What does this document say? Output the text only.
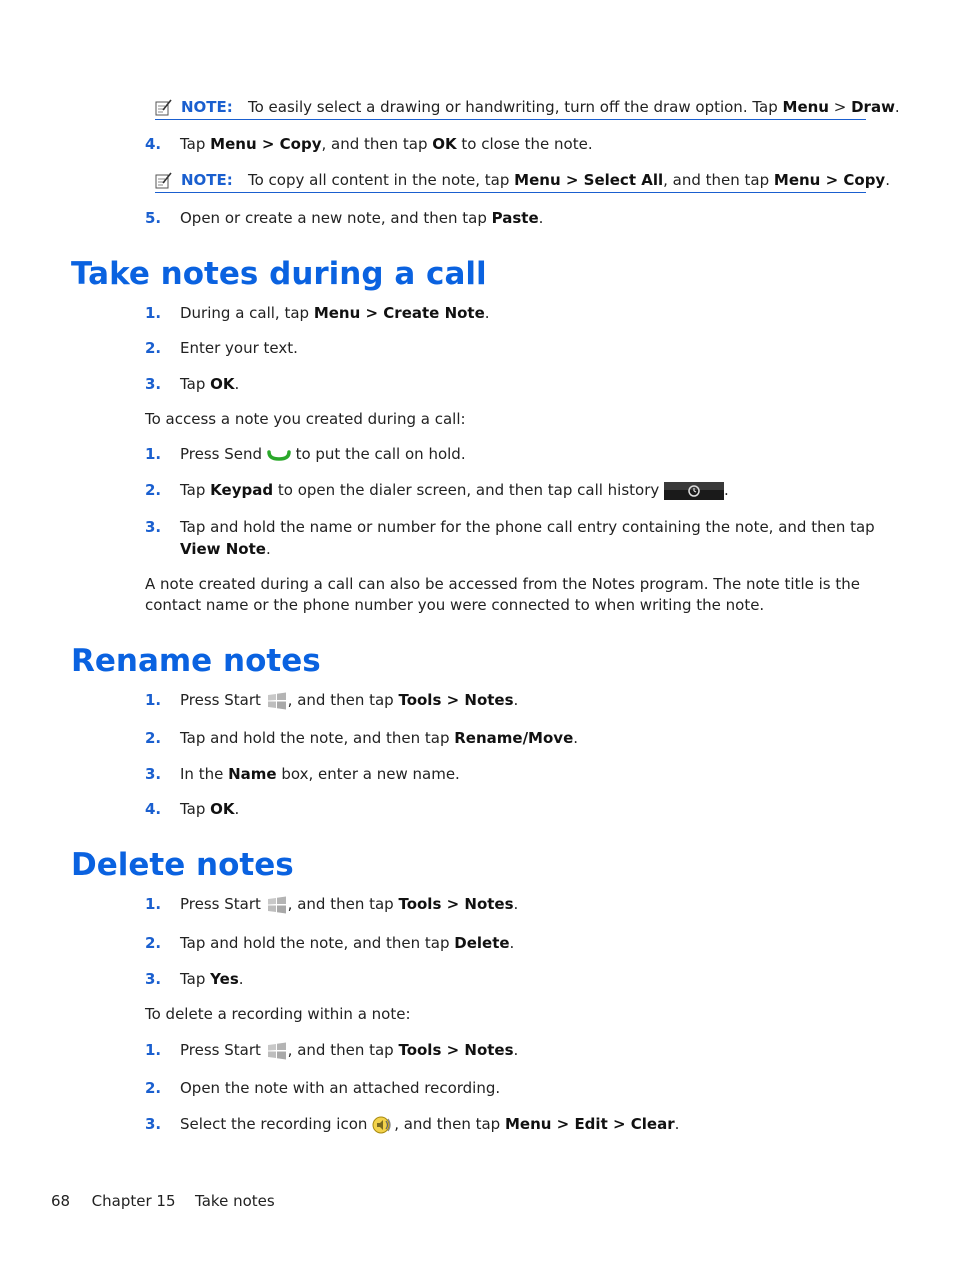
NOTE: To easily select a drawing or handwriting, turn off the draw option. Tap Menu > Draw.
4. Tap Menu > Copy, and then tap OK to close the note.
NOTE: To copy all content in the note, tap Menu > Select All, and then tap Menu > Copy.
5. Open or create a new note, and then tap Paste.
Take notes during a call
1. During a call, tap Menu > Create Note.
2. Enter your text.
3. Tap OK.
To access a note you created during a call:
1. Press Send  to put the call on hold.
2. Tap Keypad to open the dialer screen, and then tap call history	.
3. Tap and hold the name or number for the phone call entry containing the note, and then tap
View Note.
A note created during a call can also be accessed from the Notes program. The note title is the contact name or the phone number you were connected to when writing the note.
Rename notes
1. Press Start , and then tap Tools > Notes.
2. Tap and hold the note, and then tap Rename/Move.
3. In the Name box, enter a new name.
4. Tap OK.
Delete notes
1. Press Start , and then tap Tools > Notes.
2. Tap and hold the note, and then tap Delete.
3. Tap Yes.
To delete a recording within a note:
1. Press Start , and then tap Tools > Notes.
2. Open the note with an attached recording.
3. Select the recording icon , and then tap Menu > Edit > Clear.
68 Chapter 15 Take notes
